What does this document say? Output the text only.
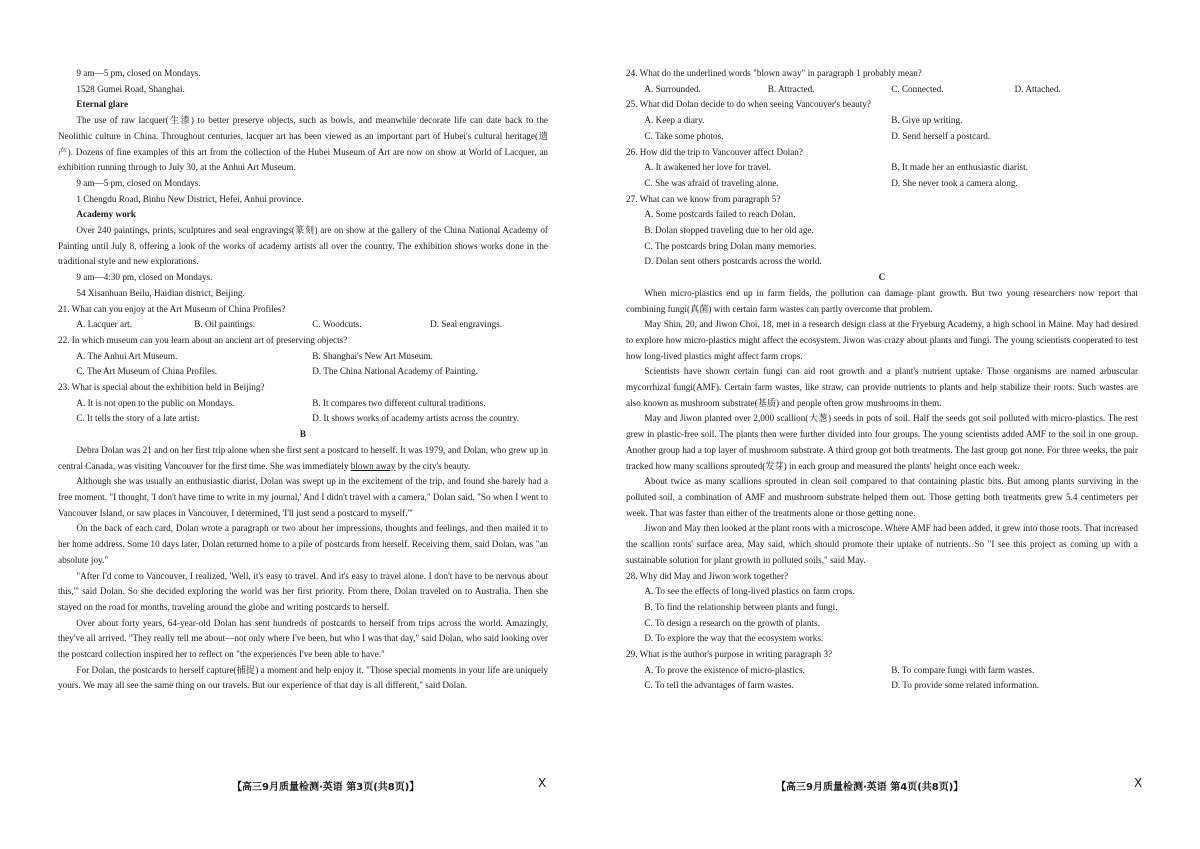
9 am—5 pm, closed on Mondays.

1528 Gumei Road, Shanghai.

Eternal glare

The use of raw lacquer(生漆) to better preserve objects, such as bowls, and meanwhile decorate life can date back to the Neolithic culture in China. Throughout centuries, lacquer art has been viewed as an important part of Hubei's cultural heritage(遗产). Dozens of fine examples of this art from the collection of the Hubei Museum of Art are now on show at World of Lacquer, an exhibition running through to July 30, at the Anhui Art Museum.

9 am—5 pm, closed on Mondays.

1 Chengdu Road, Binhu New District, Hefei, Anhui province.

Academy work

Over 240 paintings, prints, sculptures and seal engravings(篆刻) are on show at the gallery of the China National Academy of Painting until July 8, offering a look of the works of academy artists all over the country. The exhibition shows works done in the traditional style and new explorations.

9 am—4:30 pm, closed on Mondays.

54 Xisanhuan Beilu, Haidian district, Beijing.

21. What can you enjoy at the Art Museum of China Profiles?

A. Lacquer art.	B. Oil paintings.	C. Woodcuts.	D. Seal engravings.

22. In which museum can you learn about an ancient art of preserving objects?

A. The Anhui Art Museum.	B. Shanghai's New Art Museum.
C. The Art Museum of China Profiles.	D. The China National Academy of Painting.

23. What is special about the exhibition held in Beijing?

A. It is not open to the public on Mondays.	B. It compares two different cultural traditions.
C. It tells the story of a late artist.	D. It shows works of academy artists across the country.

B

Debra Dolan was 21 and on her first trip alone when she first sent a postcard to herself. It was 1979, and Dolan, who grew up in central Canada, was visiting Vancouver for the first time. She was immediately blown away by the city's beauty.

Although she was usually an enthusiastic diarist, Dolan was swept up in the excitement of the trip, and found she barely had a free moment. "I thought, 'I don't have time to write in my journal,' And I didn't travel with a camera," Dolan said. "So when I went to Vancouver Island, or saw places in Vancouver, I determined, 'I'll just send a postcard to myself.'"

On the back of each card, Dolan wrote a paragraph or two about her impressions, thoughts and feelings, and then mailed it to her home address. Some 10 days later, Dolan returned home to a pile of postcards from herself. Receiving them, said Dolan, was "an absolute joy."

"After I'd come to Vancouver, I realized, 'Well, it's easy to travel. And it's easy to travel alone. I don't have to be nervous about this,'" said Dolan. So she decided exploring the world was her first priority. From there, Dolan traveled on to Australia. Then she stayed on the road for months, traveling around the globe and writing postcards to herself.

Over about forty years, 64-year-old Dolan has sent hundreds of postcards to herself from trips across the world. Amazingly, they've all arrived. "They really tell me about—not only where I've been, but who I was that day," said Dolan, who said looking over the postcard collection inspired her to reflect on "the experiences I've been able to have."

For Dolan, the postcards to herself capture(捕捉) a moment and help enjoy it. "Those special moments in your life are uniquely yours. We may all see the same thing on our travels. But our experience of that day is all different," said Dolan.

【高三9月质量检测·英语 第3页(共8页)】	X

24. What do the underlined words "blown away" in paragraph 1 probably mean?

A. Surrounded.	B. Attracted.	C. Connected.	D. Attached.

25. What did Dolan decide to do when seeing Vancouver's beauty?

A. Keep a diary.	B. Give up writing.
C. Take some photos.	D. Send herself a postcard.

26. How did the trip to Vancouver affect Dolan?

A. It awakened her love for travel.	B. It made her an enthusiastic diarist.
C. She was afraid of traveling alone.	D. She never took a camera along.

27. What can we know from paragraph 5?

A. Some postcards failed to reach Dolan.
B. Dolan stopped traveling due to her old age.
C. The postcards bring Dolan many memories.
D. Dolan sent others postcards across the world.

C

When micro-plastics end up in farm fields, the pollution can damage plant growth. But two young researchers now report that combining fungi(真菌) with certain farm wastes can partly overcome that problem.

May Shin, 20, and Jiwon Choi, 18, met in a research design class at the Fryeburg Academy, a high school in Maine. May had desired to explore how micro-plastics might affect the ecosystem. Jiwon was crazy about plants and fungi. The young scientists cooperated to test how long-lived plastics might affect farm crops.

Scientists have shown certain fungi can aid root growth and a plant's nutrient uptake. Those organisms are named arbuscular mycorrhizal fungi(AMF). Certain farm wastes, like straw, can provide nutrients to plants and help stabilize their roots. Such wastes are also known as mushroom substrate(基质) and people often grow mushrooms in them.

May and Jiwon planted over 2,000 scallion(大葱) seeds in pots of soil. Half the seeds got soil polluted with micro-plastics. The rest grew in plastic-free soil. The plants then were further divided into four groups. The young scientists added AMF to the soil in one group. Another group had a top layer of mushroom substrate. A third group got both treatments. The last group got none. For three weeks, the pair tracked how many scallions sprouted(发芽) in each group and measured the plants' height once each week.

About twice as many scallions sprouted in clean soil compared to that containing plastic bits. But among plants surviving in the polluted soil, a combination of AMF and mushroom substrate helped them out. Those getting both treatments grew 5.4 centimeters per week. That was faster than either of the treatments alone or those getting none.

Jiwon and May then looked at the plant roots with a microscope. Where AMF had been added, it grew into those roots. That increased the scallion roots' surface area, May said, which should promote their uptake of nutrients. So "I see this project as coming up with a sustainable solution for plant growth in polluted soils," said May.

28. Why did May and Jiwon work together?

A. To see the effects of long-lived plastics on farm crops.
B. To find the relationship between plants and fungi.
C. To design a research on the growth of plants.
D. To explore the way that the ecosystem works.

29. What is the author's purpose in writing paragraph 3?

A. To prove the existence of micro-plastics.	B. To compare fungi with farm wastes.
C. To tell the advantages of farm wastes.	D. To provide some related information.
【高三9月质量检测·英语 第4页(共8页)】	X
